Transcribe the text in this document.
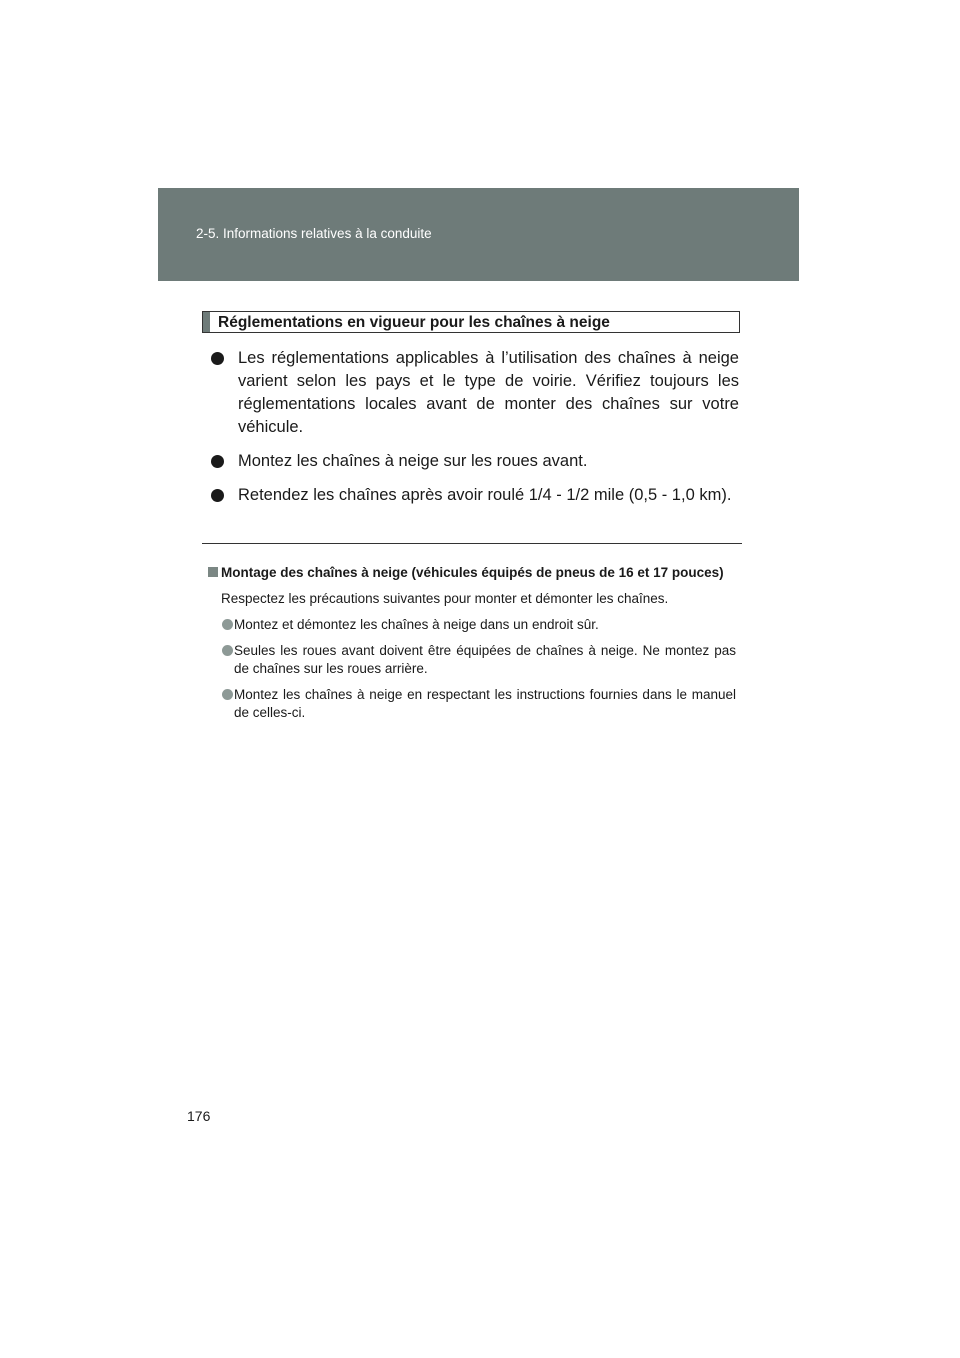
2-5. Informations relatives à la conduite
Réglementations en vigueur pour les chaînes à neige
Les réglementations applicables à l’utilisation des chaînes à neige varient selon les pays et le type de voirie. Vérifiez toujours les réglementations locales avant de monter des chaînes sur votre véhicule.
Montez les chaînes à neige sur les roues avant.
Retendez les chaînes après avoir roulé 1/4 - 1/2 mile (0,5 - 1,0 km).
Montage des chaînes à neige (véhicules équipés de pneus de 16 et 17 pouces)
Respectez les précautions suivantes pour monter et démonter les chaînes.
Montez et démontez les chaînes à neige dans un endroit sûr.
Seules les roues avant doivent être équipées de chaînes à neige. Ne montez pas de chaînes sur les roues arrière.
Montez les chaînes à neige en respectant les instructions fournies dans le manuel de celles-ci.
176
